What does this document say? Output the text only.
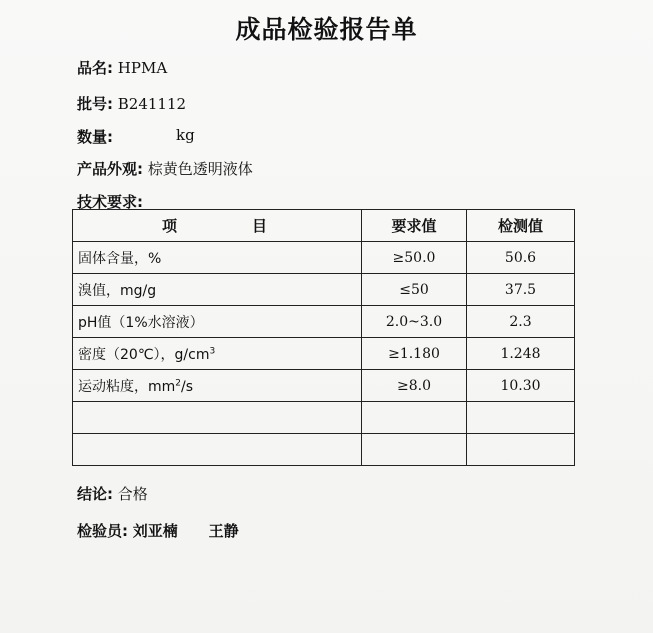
成品检验报告单
品名: HPMA
批号: B241112
数量:	kg
产品外观: 棕黄色透明液体
技术要求:
项　目	要求值	检测值
固体含量，%	≥50.0	50.6
溴值，mg/g	≤50	37.5
pH值（1%水溶液）	2.0~3.0	2.3
密度（20℃），$g/cm^3$	≥1.180	1.248
运动粘度，$mm^2/s$	≥8.0	10.30

结论: 合格
检验员: 刘亚楠 王静
